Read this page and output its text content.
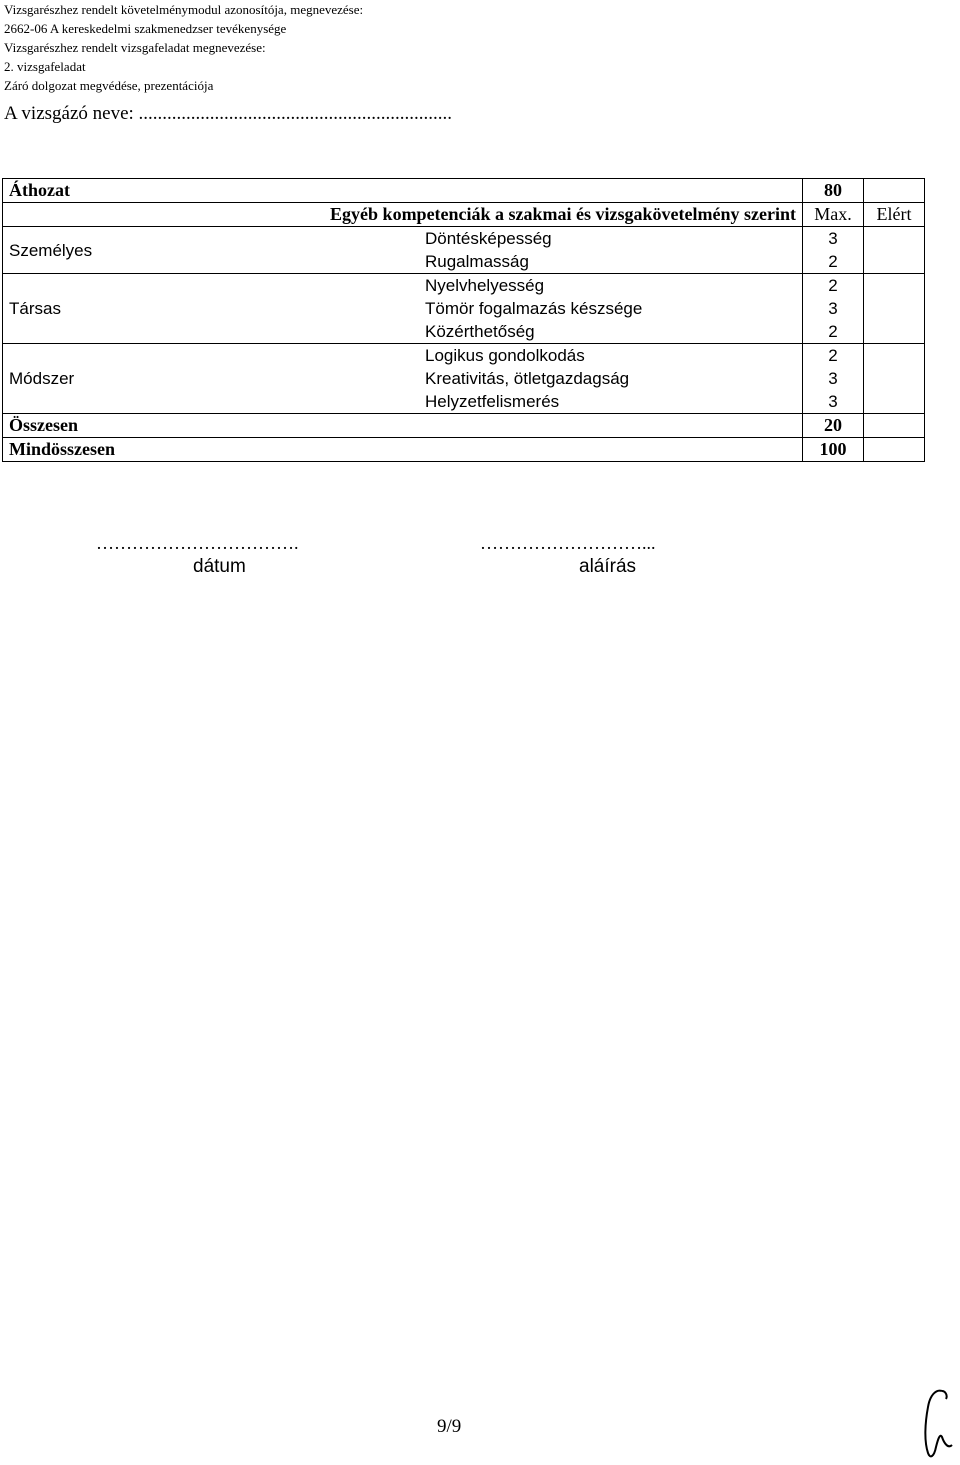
Vizsgarészhez rendelt követelménymodul azonosítója, megnevezése:
2662-06 A kereskedelmi szakmenedzser tevékenysége
Vizsgarészhez rendelt vizsgafeladat megnevezése:
2. vizsgafeladat
Záró dolgozat megvédése, prezentációja
A vizsgázó neve: ..................................................................
Áthozat		80	
Egyéb kompetenciák a szakmai és vizsgakövetelmény szerint		Max.	Elért
Személyes	Döntésképesség	3	
	Rugalmasság	2	
Társas	Nyelvhelyesség	2	
	Tömör fogalmazás készsége	3	
	Közérthetőség	2	
Módszer	Logikus gondolkodás	2	
	Kreativitás, ötletgazdagság	3	
	Helyzetfelismerés	3	
Összesen		20	
Mindösszesen		100	
…………………………….
dátum
………………………...
aláírás
9/9
